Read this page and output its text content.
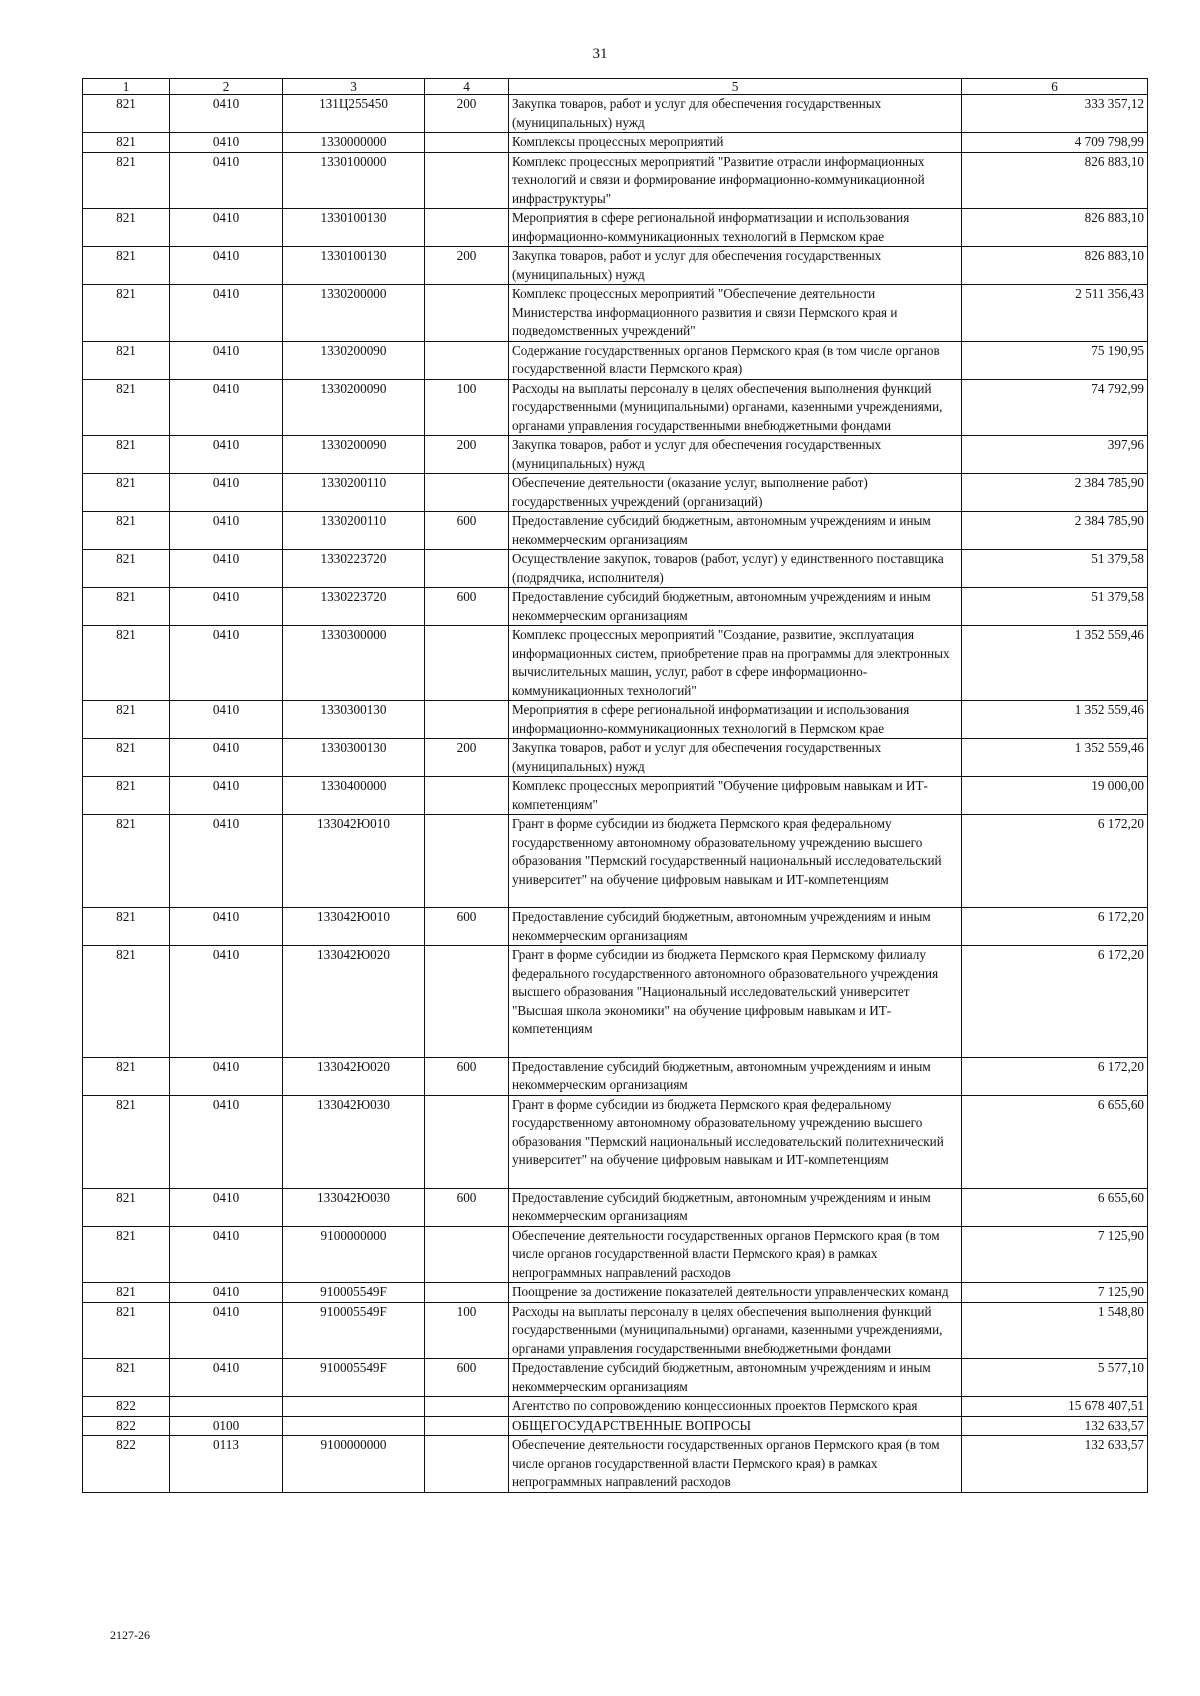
31
1	2	3	4	5	6
821	0410	131Ц255450	200	Закупка товаров, работ и услуг для обеспечения государственных (муниципальных) нужд	333 357,12
821	0410	1330000000		Комплексы процессных мероприятий	4 709 798,99
821	0410	1330100000		Комплекс процессных мероприятий "Развитие отрасли информационных технологий и связи и формирование информационно-коммуникационной инфраструктуры"	826 883,10
821	0410	1330100130		Мероприятия в сфере региональной информатизации и использования информационно-коммуникационных технологий в Пермском крае	826 883,10
821	0410	1330100130	200	Закупка товаров, работ и услуг для обеспечения государственных (муниципальных) нужд	826 883,10
821	0410	1330200000		Комплекс процессных мероприятий "Обеспечение деятельности Министерства информационного развития и связи Пермского края и подведомственных учреждений"	2 511 356,43
821	0410	1330200090		Содержание государственных органов Пермского края (в том числе органов государственной власти Пермского края)	75 190,95
821	0410	1330200090	100	Расходы на выплаты персоналу в целях обеспечения выполнения функций государственными (муниципальными) органами, казенными учреждениями, органами управления государственными внебюджетными фондами	74 792,99
821	0410	1330200090	200	Закупка товаров, работ и услуг для обеспечения государственных (муниципальных) нужд	397,96
821	0410	1330200110		Обеспечение деятельности (оказание услуг, выполнение работ) государственных учреждений (организаций)	2 384 785,90
821	0410	1330200110	600	Предоставление субсидий бюджетным, автономным учреждениям и иным некоммерческим организациям	2 384 785,90
821	0410	1330223720		Осуществление закупок, товаров (работ, услуг) у единственного поставщика (подрядчика, исполнителя)	51 379,58
821	0410	1330223720	600	Предоставление субсидий бюджетным, автономным учреждениям и иным некоммерческим организациям	51 379,58
821	0410	1330300000		Комплекс процессных мероприятий "Создание, развитие, эксплуатация информационных систем, приобретение прав на программы для электронных вычислительных машин, услуг, работ в сфере информационно-коммуникационных технологий"	1 352 559,46
821	0410	1330300130		Мероприятия в сфере региональной информатизации и использования информационно-коммуникационных технологий в Пермском крае	1 352 559,46
821	0410	1330300130	200	Закупка товаров, работ и услуг для обеспечения государственных (муниципальных) нужд	1 352 559,46
821	0410	1330400000		Комплекс процессных мероприятий "Обучение цифровым навыкам и ИТ-компетенциям"	19 000,00
821	0410	133042Ю010		Грант в форме субсидии из бюджета Пермского края федеральному государственному автономному образовательному учреждению высшего образования "Пермский государственный национальный исследовательский университет" на обучение цифровым навыкам и ИТ-компетенциям	6 172,20
821	0410	133042Ю010	600	Предоставление субсидий бюджетным, автономным учреждениям и иным некоммерческим организациям	6 172,20
821	0410	133042Ю020		Грант в форме субсидии из бюджета Пермского края Пермскому филиалу федерального государственного автономного образовательного учреждения высшего образования "Национальный исследовательский университет "Высшая школа экономики" на обучение цифровым навыкам и ИТ-компетенциям	6 172,20
821	0410	133042Ю020	600	Предоставление субсидий бюджетным, автономным учреждениям и иным некоммерческим организациям	6 172,20
821	0410	133042Ю030		Грант в форме субсидии из бюджета Пермского края федеральному государственному автономному образовательному учреждению высшего образования "Пермский национальный исследовательский политехнический университет" на обучение цифровым навыкам и ИТ-компетенциям	6 655,60
821	0410	133042Ю030	600	Предоставление субсидий бюджетным, автономным учреждениям и иным некоммерческим организациям	6 655,60
821	0410	9100000000		Обеспечение деятельности государственных органов Пермского края (в том числе органов государственной власти Пермского края) в рамках непрограммных направлений расходов	7 125,90
821	0410	910005549F		Поощрение за достижение показателей деятельности управленческих команд	7 125,90
821	0410	910005549F	100	Расходы на выплаты персоналу в целях обеспечения выполнения функций государственными (муниципальными) органами, казенными учреждениями, органами управления государственными внебюджетными фондами	1 548,80
821	0410	910005549F	600	Предоставление субсидий бюджетным, автономным учреждениям и иным некоммерческим организациям	5 577,10
822				Агентство по сопровождению концессионных проектов Пермского края	15 678 407,51
822	0100			ОБЩЕГОСУДАРСТВЕННЫЕ ВОПРОСЫ	132 633,57
822	0113	9100000000		Обеспечение деятельности государственных органов Пермского края (в том числе органов государственной власти Пермского края) в рамках непрограммных направлений расходов	132 633,57
2127-26
